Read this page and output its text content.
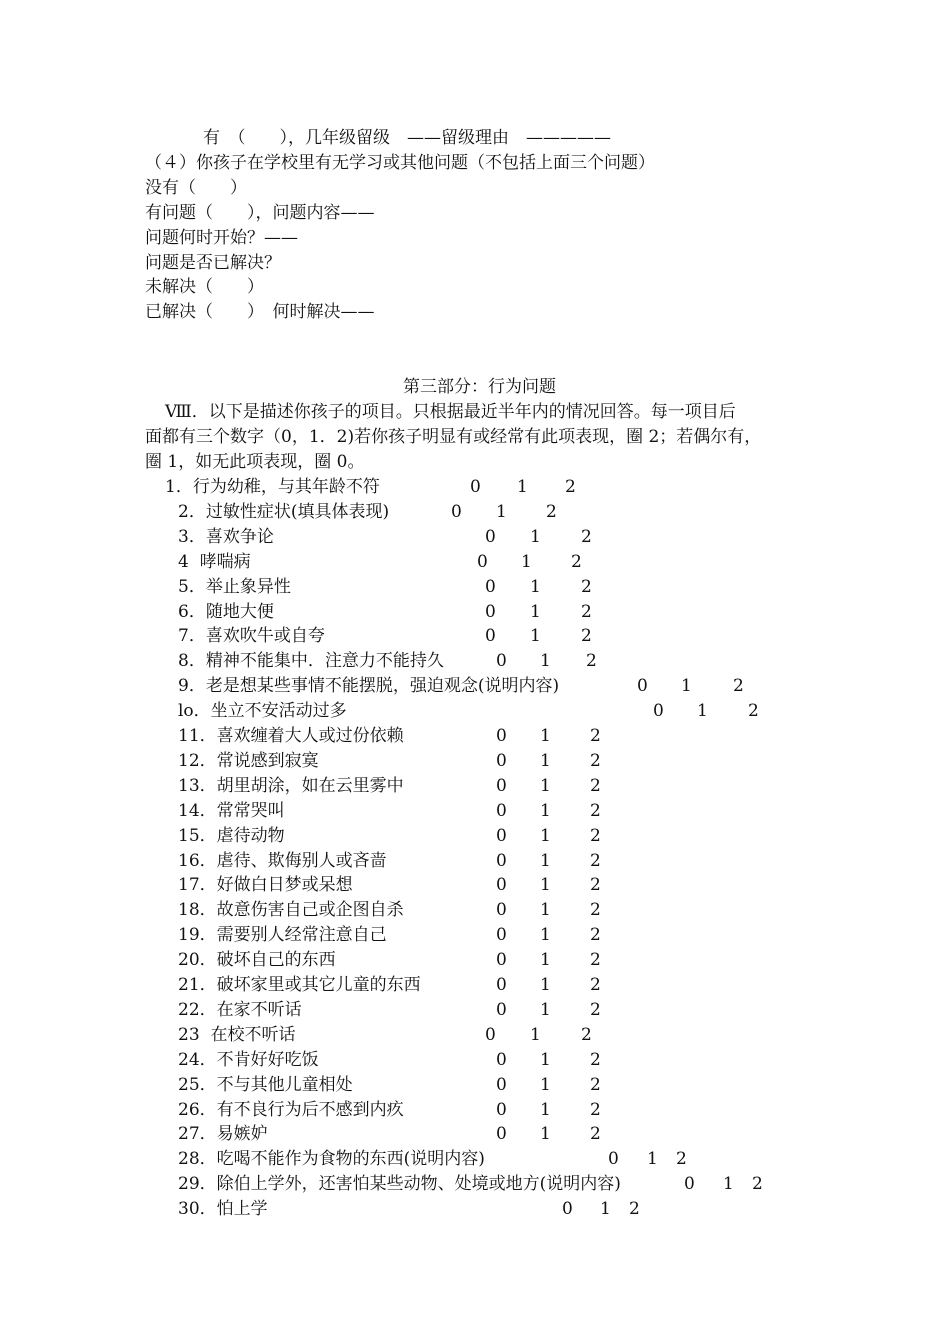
有　（　　），几年级留级　——留级理由　—————
（４）你孩子在学校里有无学习或其他问题（不包括上面三个问题）
没有（　　）
有问题（　　），问题内容——
问题何时开始？——
问题是否已解决？
未解决（　　）
已解决（　　）　何时解决——
第三部分：行为问题
Ⅷ．以下是描述你孩子的项目。只根据最近半年内的情况回答。每一项目后
面都有三个数字（0，1．2)若你孩子明显有或经常有此项表现，圈 2；若偶尔有，
圈 1，如无此项表现，圈 0。
1．行为幼稚，与其年龄不符	0 1 2
2．过敏性症状(填具体表现)	0 1 2
3．喜欢争论	0 1 2
4  哮喘病	0 1 2
5．举止象异性	0 1 2
6．随地大便	0 1 2
7．喜欢吹牛或自夸	0 1 2
8．精神不能集中．注意力不能持久	0 1 2
9．老是想某些事情不能摆脱，强迫观念(说明内容)	0 1 2
lo．坐立不安活动过多	0 1 2
11．喜欢缠着大人或过份依赖	0 1 2
12．常说感到寂寞	0 1 2
13．胡里胡涂，如在云里雾中	0 1 2
14．常常哭叫	0 1 2
15．虐待动物	0 1 2
16．虐待、欺侮别人或吝啬	0 1 2
17．好做白日梦或呆想	0 1 2
18．故意伤害自己或企图自杀	0 1 2
19．需要别人经常注意自己	0 1 2
20．破坏自己的东西	0 1 2
21．破坏家里或其它儿童的东西	0 1 2
22．在家不听话	0 1 2
23  在校不听话	0 1 2
24．不肯好好吃饭	0 1 2
25．不与其他儿童相处	0 1 2
26．有不良行为后不感到内疚	0 1 2
27．易嫉妒	0 1 2
28．吃喝不能作为食物的东西(说明内容)	0 1 2
29．除伯上学外，还害怕某些动物、处境或地方(说明内容)	0 1 2
30．怕上学	0 1 2
